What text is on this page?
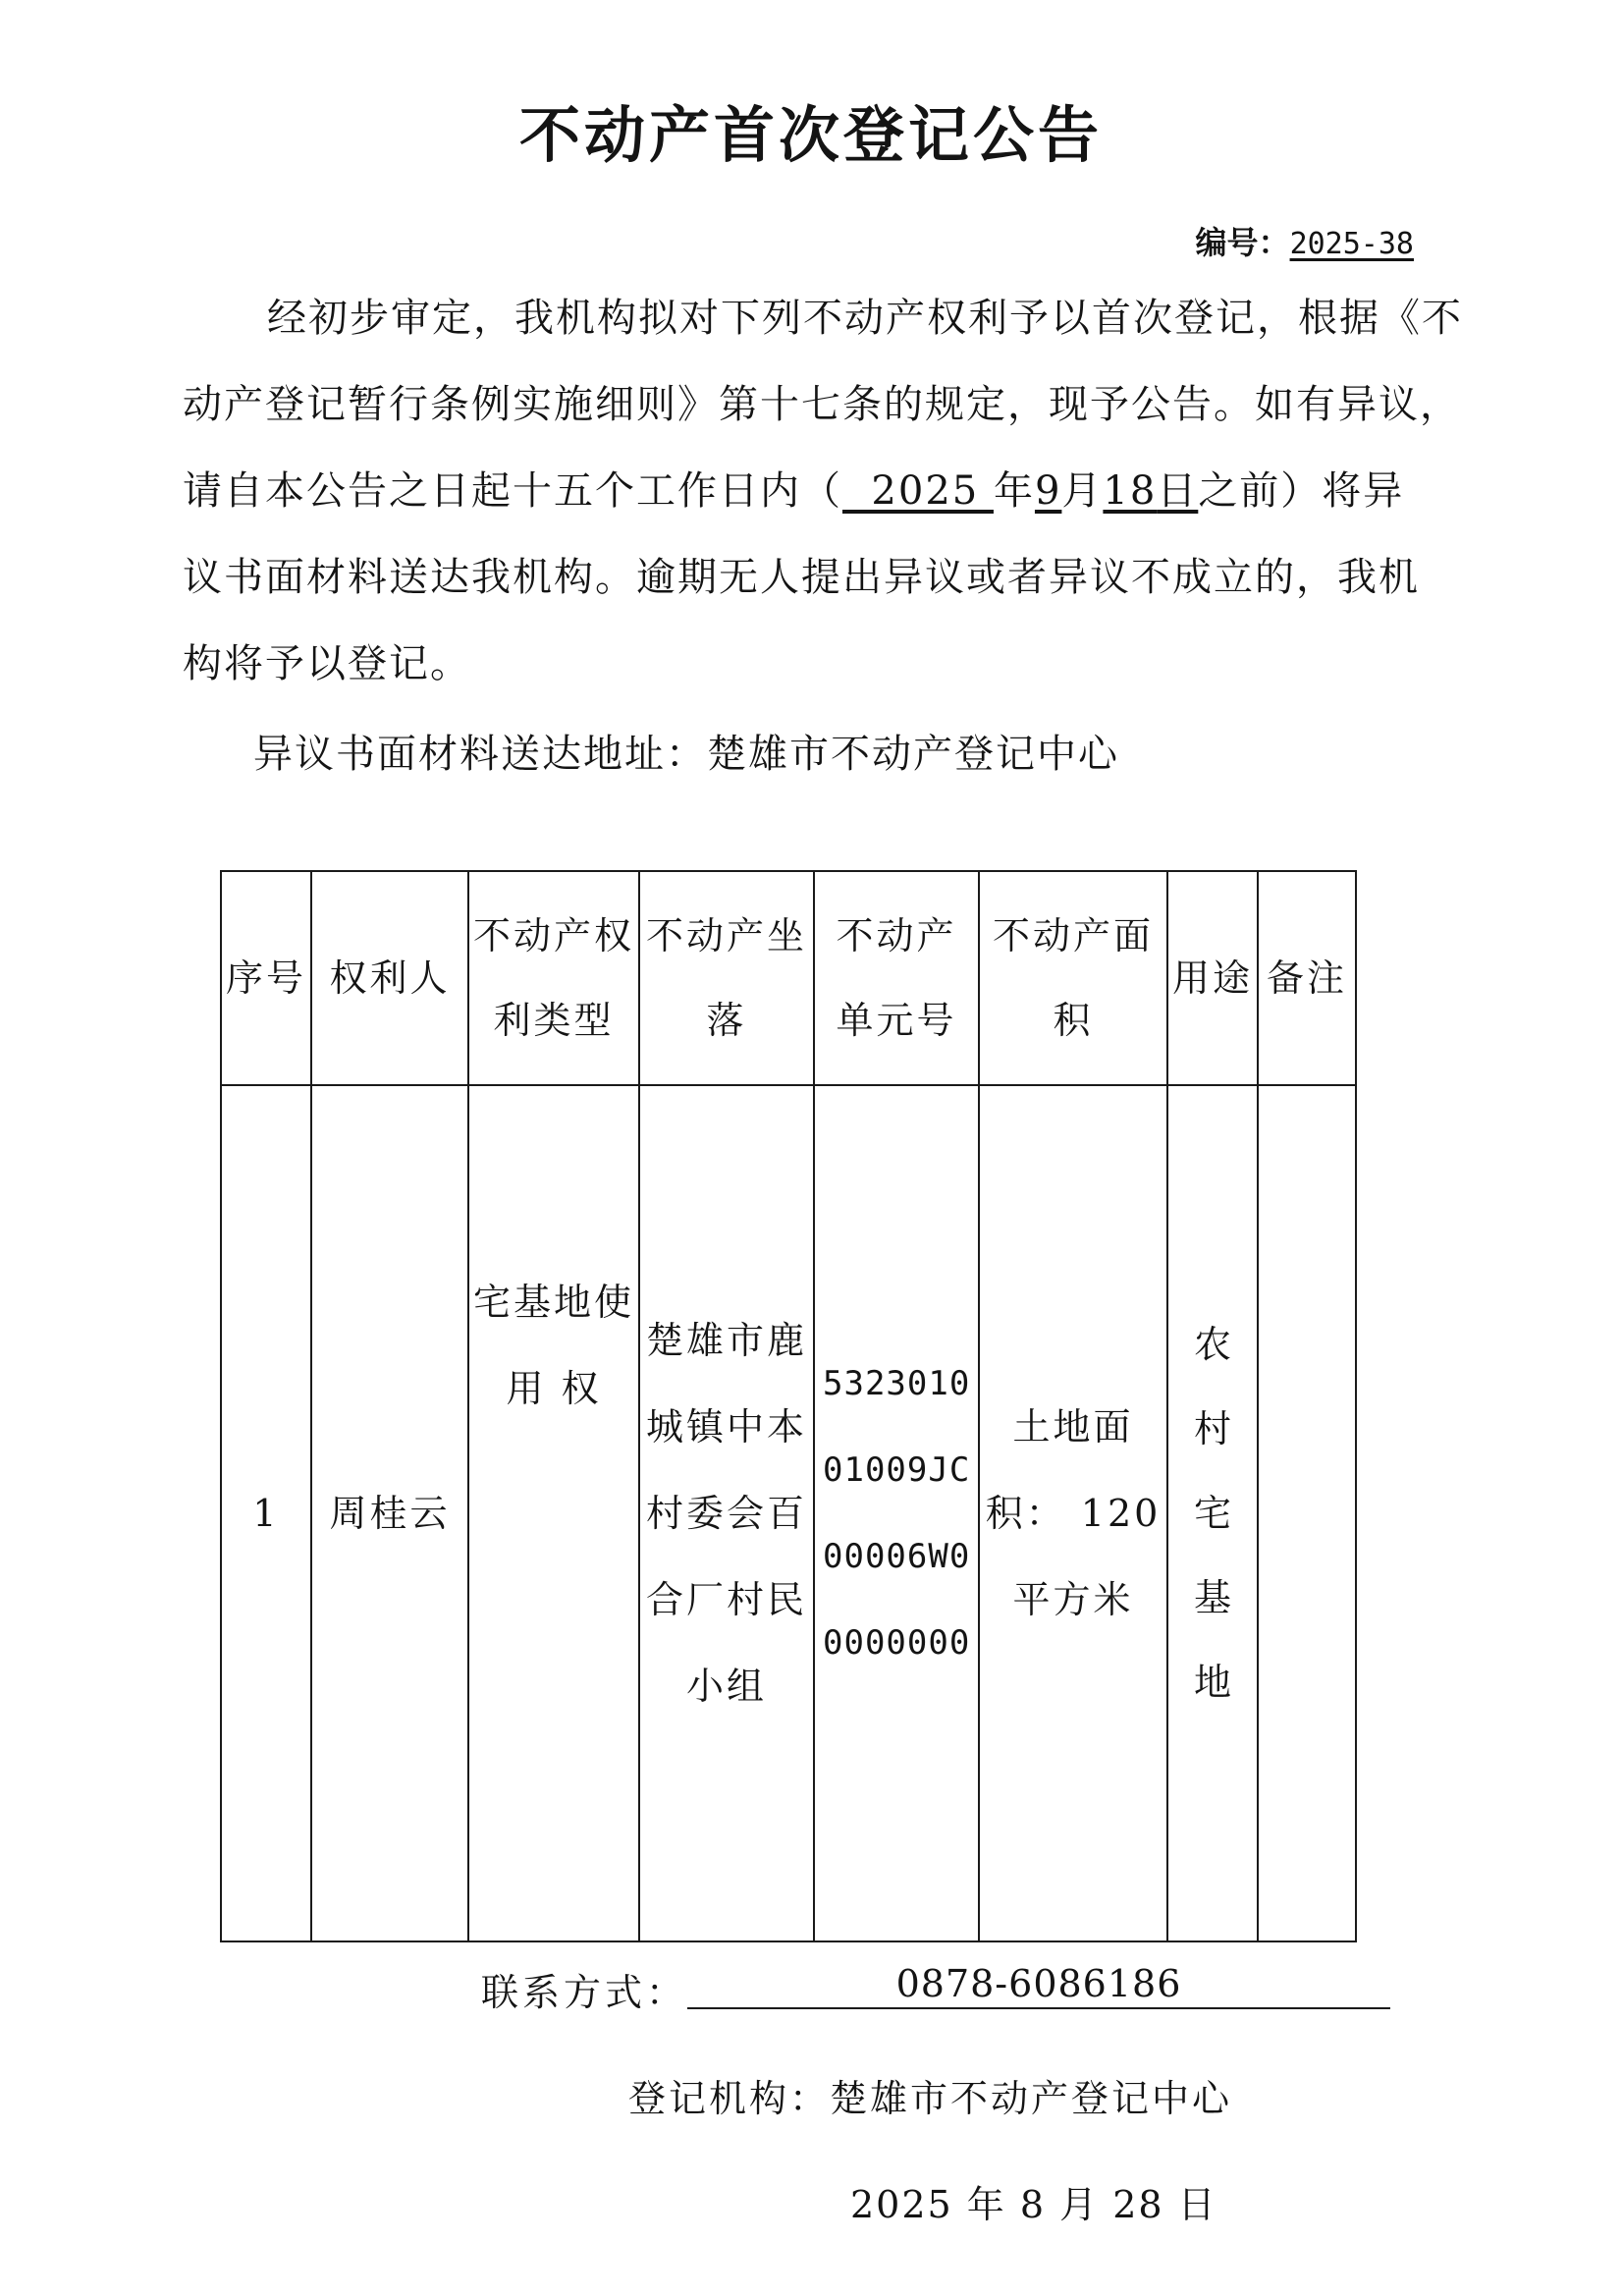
不动产首次登记公告
编号：2025-38
经初步审定，我机构拟对下列不动产权利予以首次登记，根据《不
动产登记暂行条例实施细则》第十七条的规定，现予公告。如有异议，
请自本公告之日起十五个工作日内（  2025 年9月18日之前）将异
议书面材料送达我机构。逾期无人提出异议或者异议不成立的，我机
构将予以登记。
异议书面材料送达地址：楚雄市不动产登记中心
序号	权利人	不动产权利类型	不动产坐落	不动产单元号	不动产面积	用途	备注
1	周桂云	宅基地使用 权	楚雄市鹿城镇中本村委会百合厂村民小组	532301001009JC00006W00000000	土地面积： 120 平方米	农村宅基地	
联系方式：	0878-6086186
登记机构：楚雄市不动产登记中心
2025 年 8 月 28 日
